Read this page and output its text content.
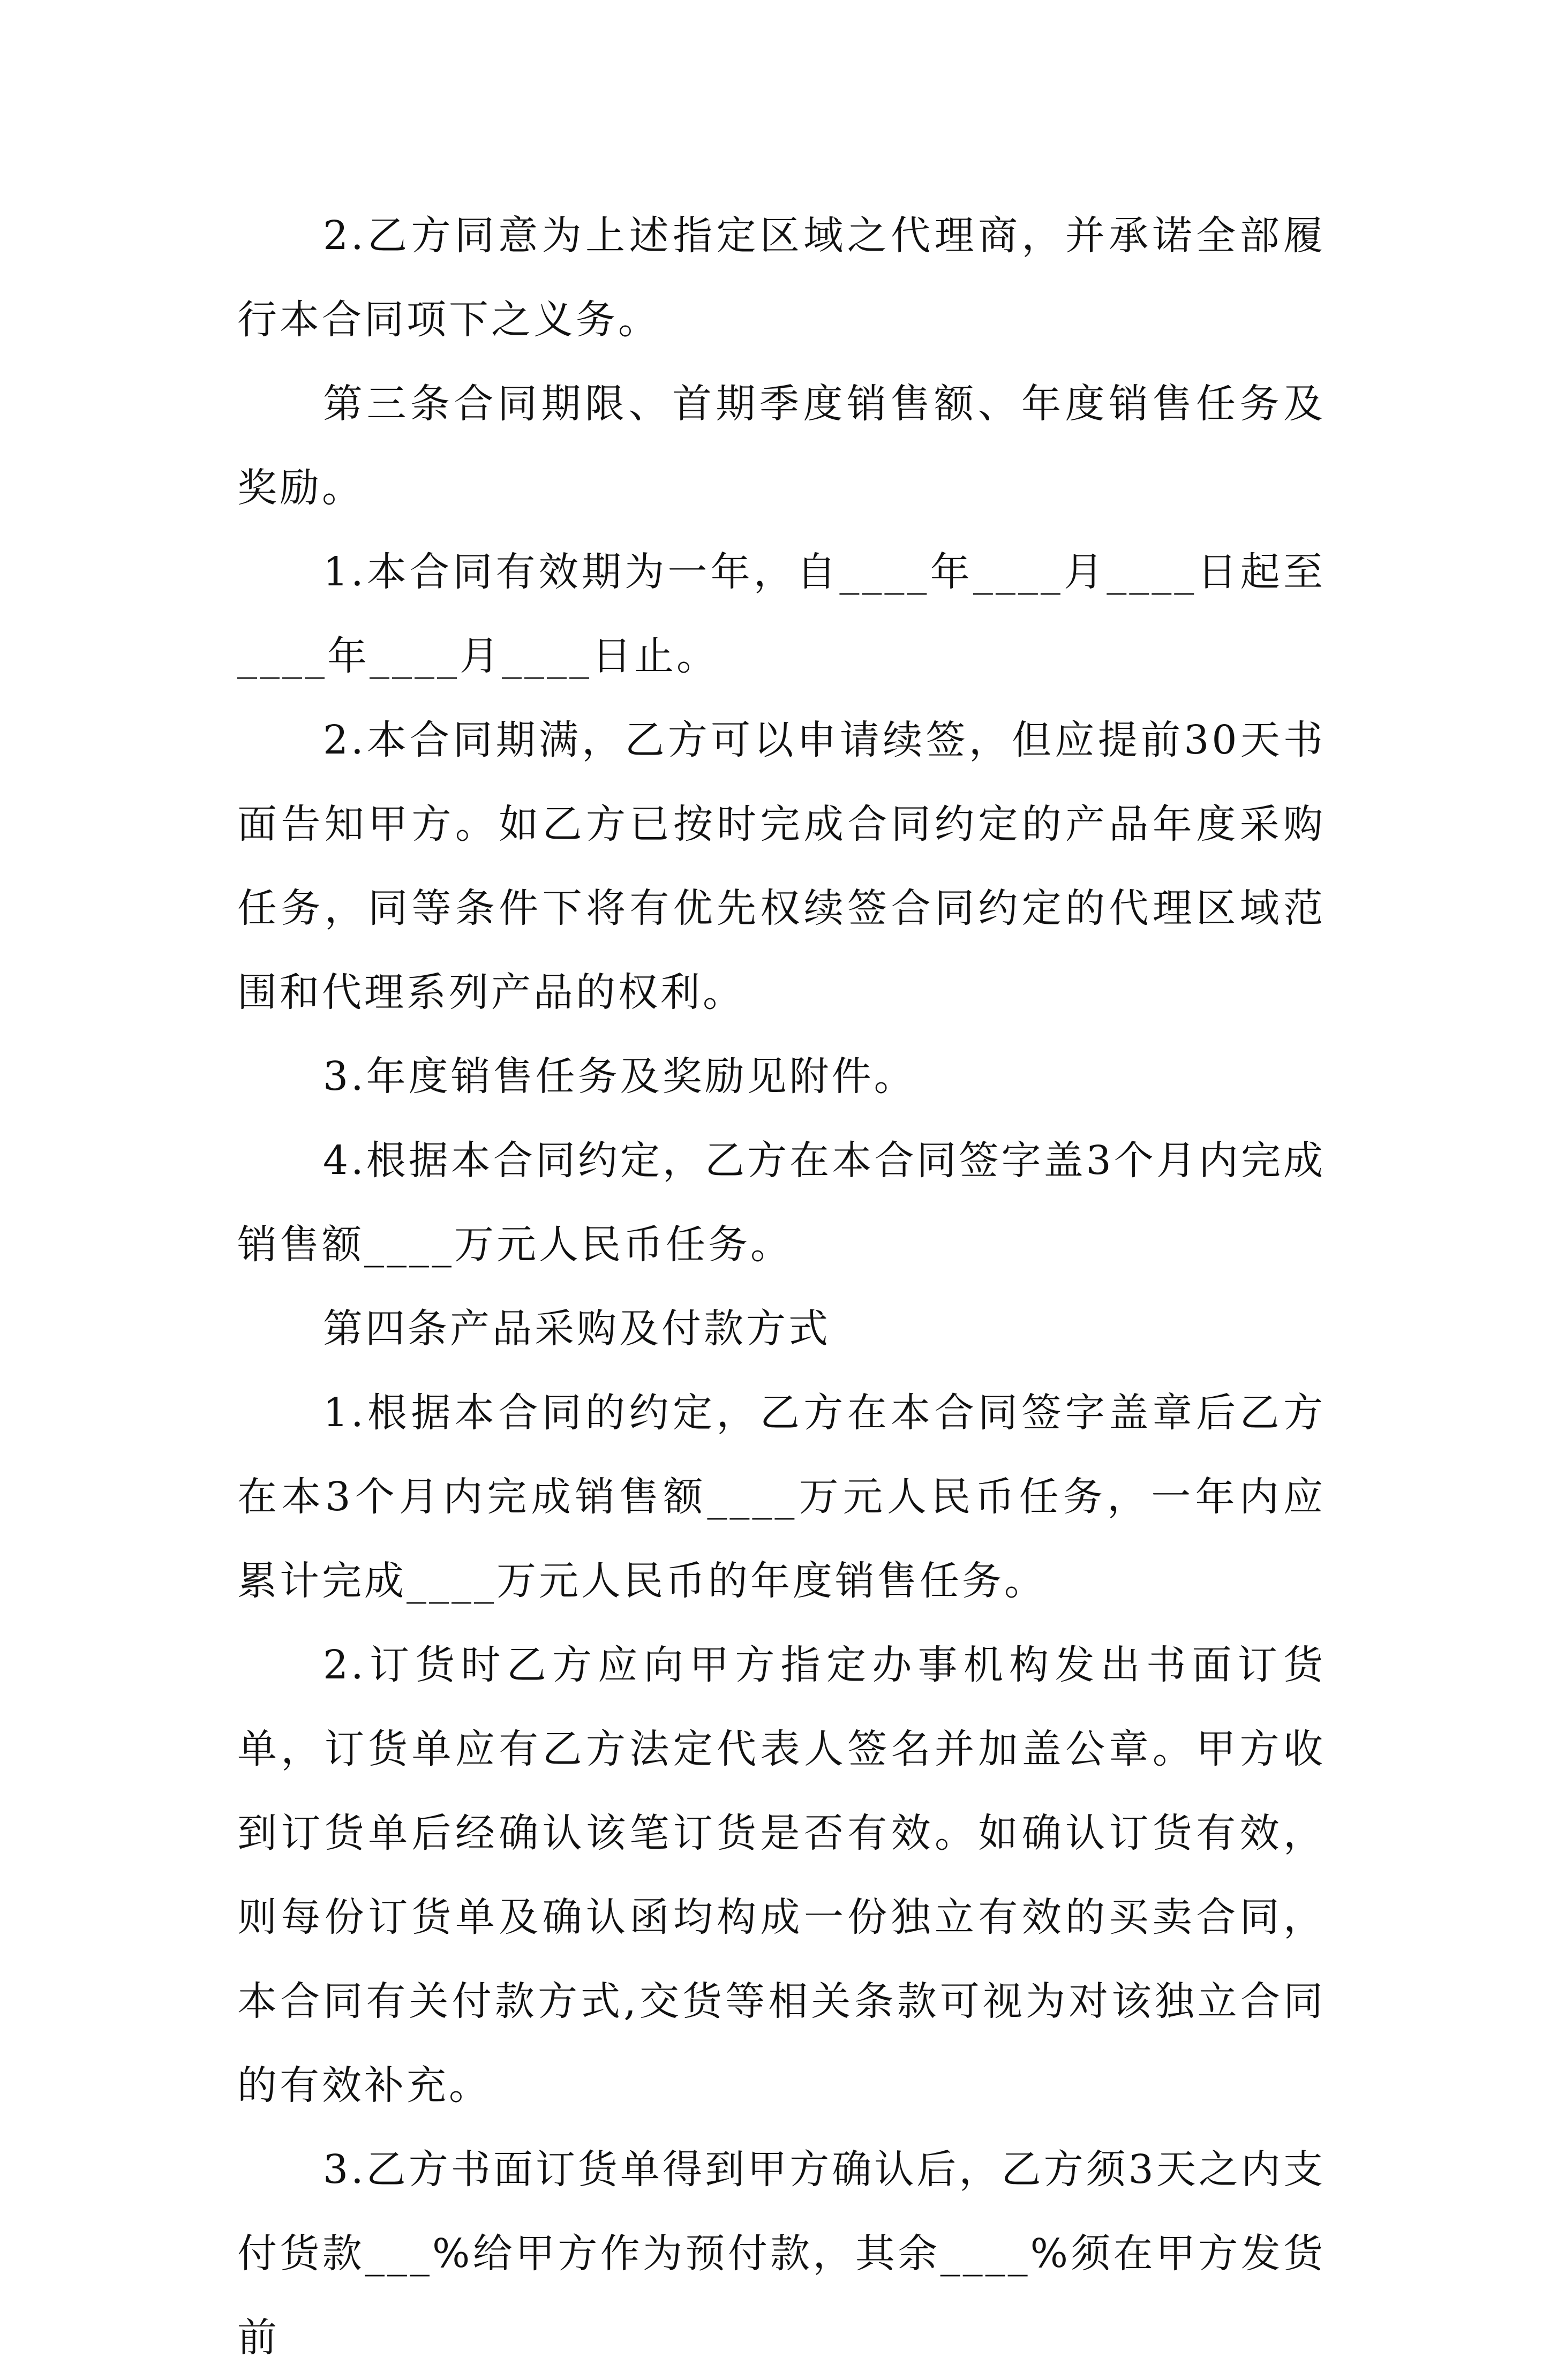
2.乙方同意为上述指定区域之代理商，并承诺全部履行本合同项下之义务。

第三条合同期限、首期季度销售额、年度销售任务及奖励。

1.本合同有效期为一年，自____年____月____日起至____年____月____日止。

2.本合同期满，乙方可以申请续签，但应提前30天书面告知甲方。如乙方已按时完成合同约定的产品年度采购任务，同等条件下将有优先权续签合同约定的代理区域范围和代理系列产品的权利。

3.年度销售任务及奖励见附件。

4.根据本合同约定，乙方在本合同签字盖3个月内完成销售额____万元人民币任务。

第四条产品采购及付款方式

1.根据本合同的约定，乙方在本合同签字盖章后乙方在本3个月内完成销售额____万元人民币任务，一年内应累计完成____万元人民币的年度销售任务。

2.订货时乙方应向甲方指定办事机构发出书面订货单，订货单应有乙方法定代表人签名并加盖公章。甲方收到订货单后经确认该笔订货是否有效。如确认订货有效，则每份订货单及确认函均构成一份独立有效的买卖合同，本合同有关付款方式,交货等相关条款可视为对该独立合同的有效补充。

3.乙方书面订货单得到甲方确认后，乙方须3天之内支付货款___%给甲方作为预付款，其余____%须在甲方发货前
